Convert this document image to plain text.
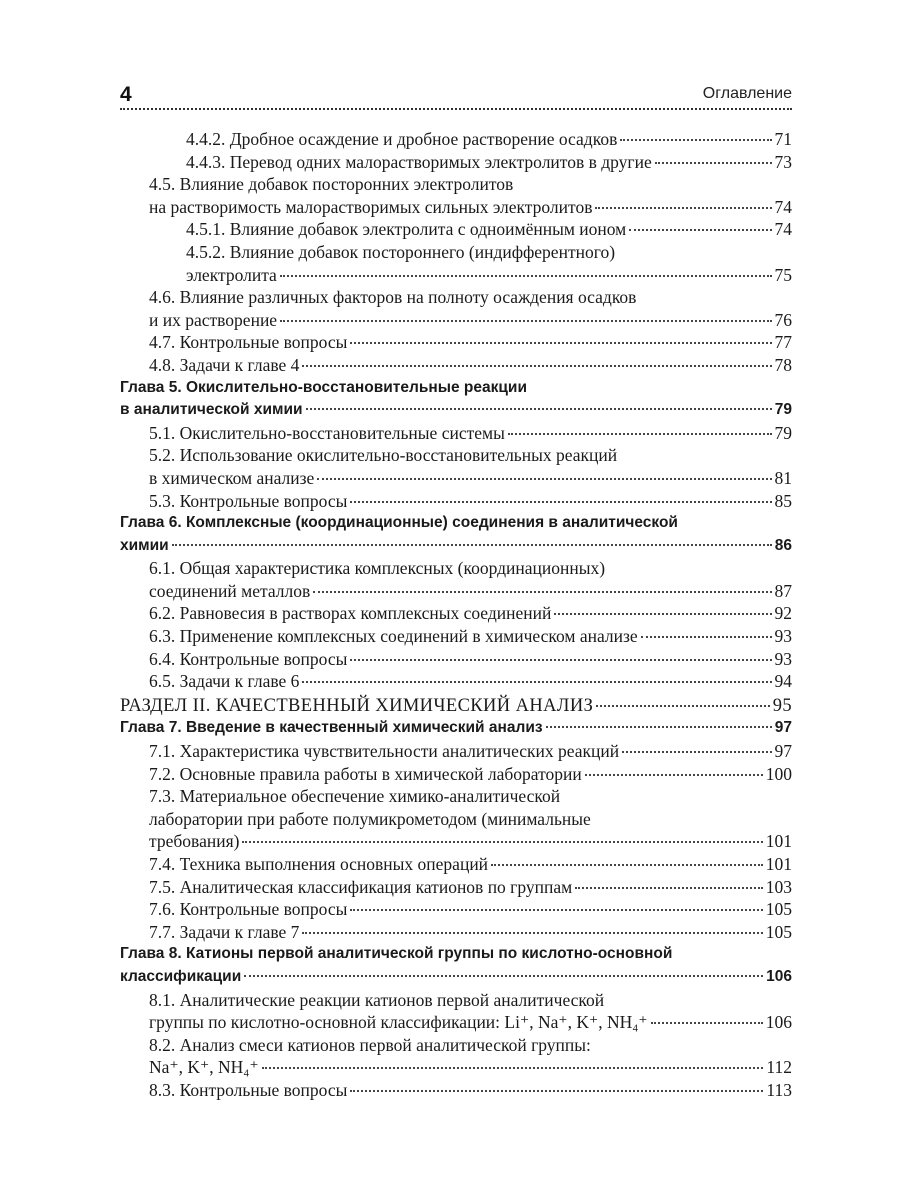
4	Оглавление
4.4.2. Дробное осаждение и дробное растворение осадков	71
4.4.3. Перевод одних малорастворимых электролитов в другие	73
4.5. Влияние добавок посторонних электролитов
на растворимость малорастворимых сильных электролитов	74
4.5.1. Влияние добавок электролита с одноимённым ионом	74
4.5.2. Влияние добавок постороннего (индифферентного)
электролита	75
4.6. Влияние различных факторов на полноту осаждения осадков
и их растворение	76
4.7. Контрольные вопросы	77
4.8. Задачи к главе 4	78
Глава 5. Окислительно-восстановительные реакции
в аналитической химии	79
5.1. Окислительно-восстановительные системы	79
5.2. Использование окислительно-восстановительных реакций
в химическом анализе	81
5.3. Контрольные вопросы	85
Глава 6. Комплексные (координационные) соединения в аналитической
химии	86
6.1. Общая характеристика комплексных (координационных)
соединений металлов	87
6.2. Равновесия в растворах комплексных соединений	92
6.3. Применение комплексных соединений в химическом анализе	93
6.4. Контрольные вопросы	93
6.5. Задачи к главе 6	94
РАЗДЕЛ II. КАЧЕСТВЕННЫЙ ХИМИЧЕСКИЙ АНАЛИЗ	95
Глава 7. Введение в качественный химический анализ	97
7.1. Характеристика чувствительности аналитических реакций	97
7.2. Основные правила работы в химической лаборатории	100
7.3. Материальное обеспечение химико-аналитической
лаборатории при работе полумикрометодом (минимальные
требования)	101
7.4. Техника выполнения основных операций	101
7.5. Аналитическая классификация катионов по группам	103
7.6. Контрольные вопросы	105
7.7. Задачи к главе 7	105
Глава 8. Катионы первой аналитической группы по кислотно-основной
классификации	106
8.1. Аналитические реакции катионов первой аналитической
группы по кислотно-основной классификации: Li⁺, Na⁺, K⁺, NH₄⁺	106
8.2. Анализ смеси катионов первой аналитической группы:
Na⁺, K⁺, NH₄⁺	112
8.3. Контрольные вопросы	113
